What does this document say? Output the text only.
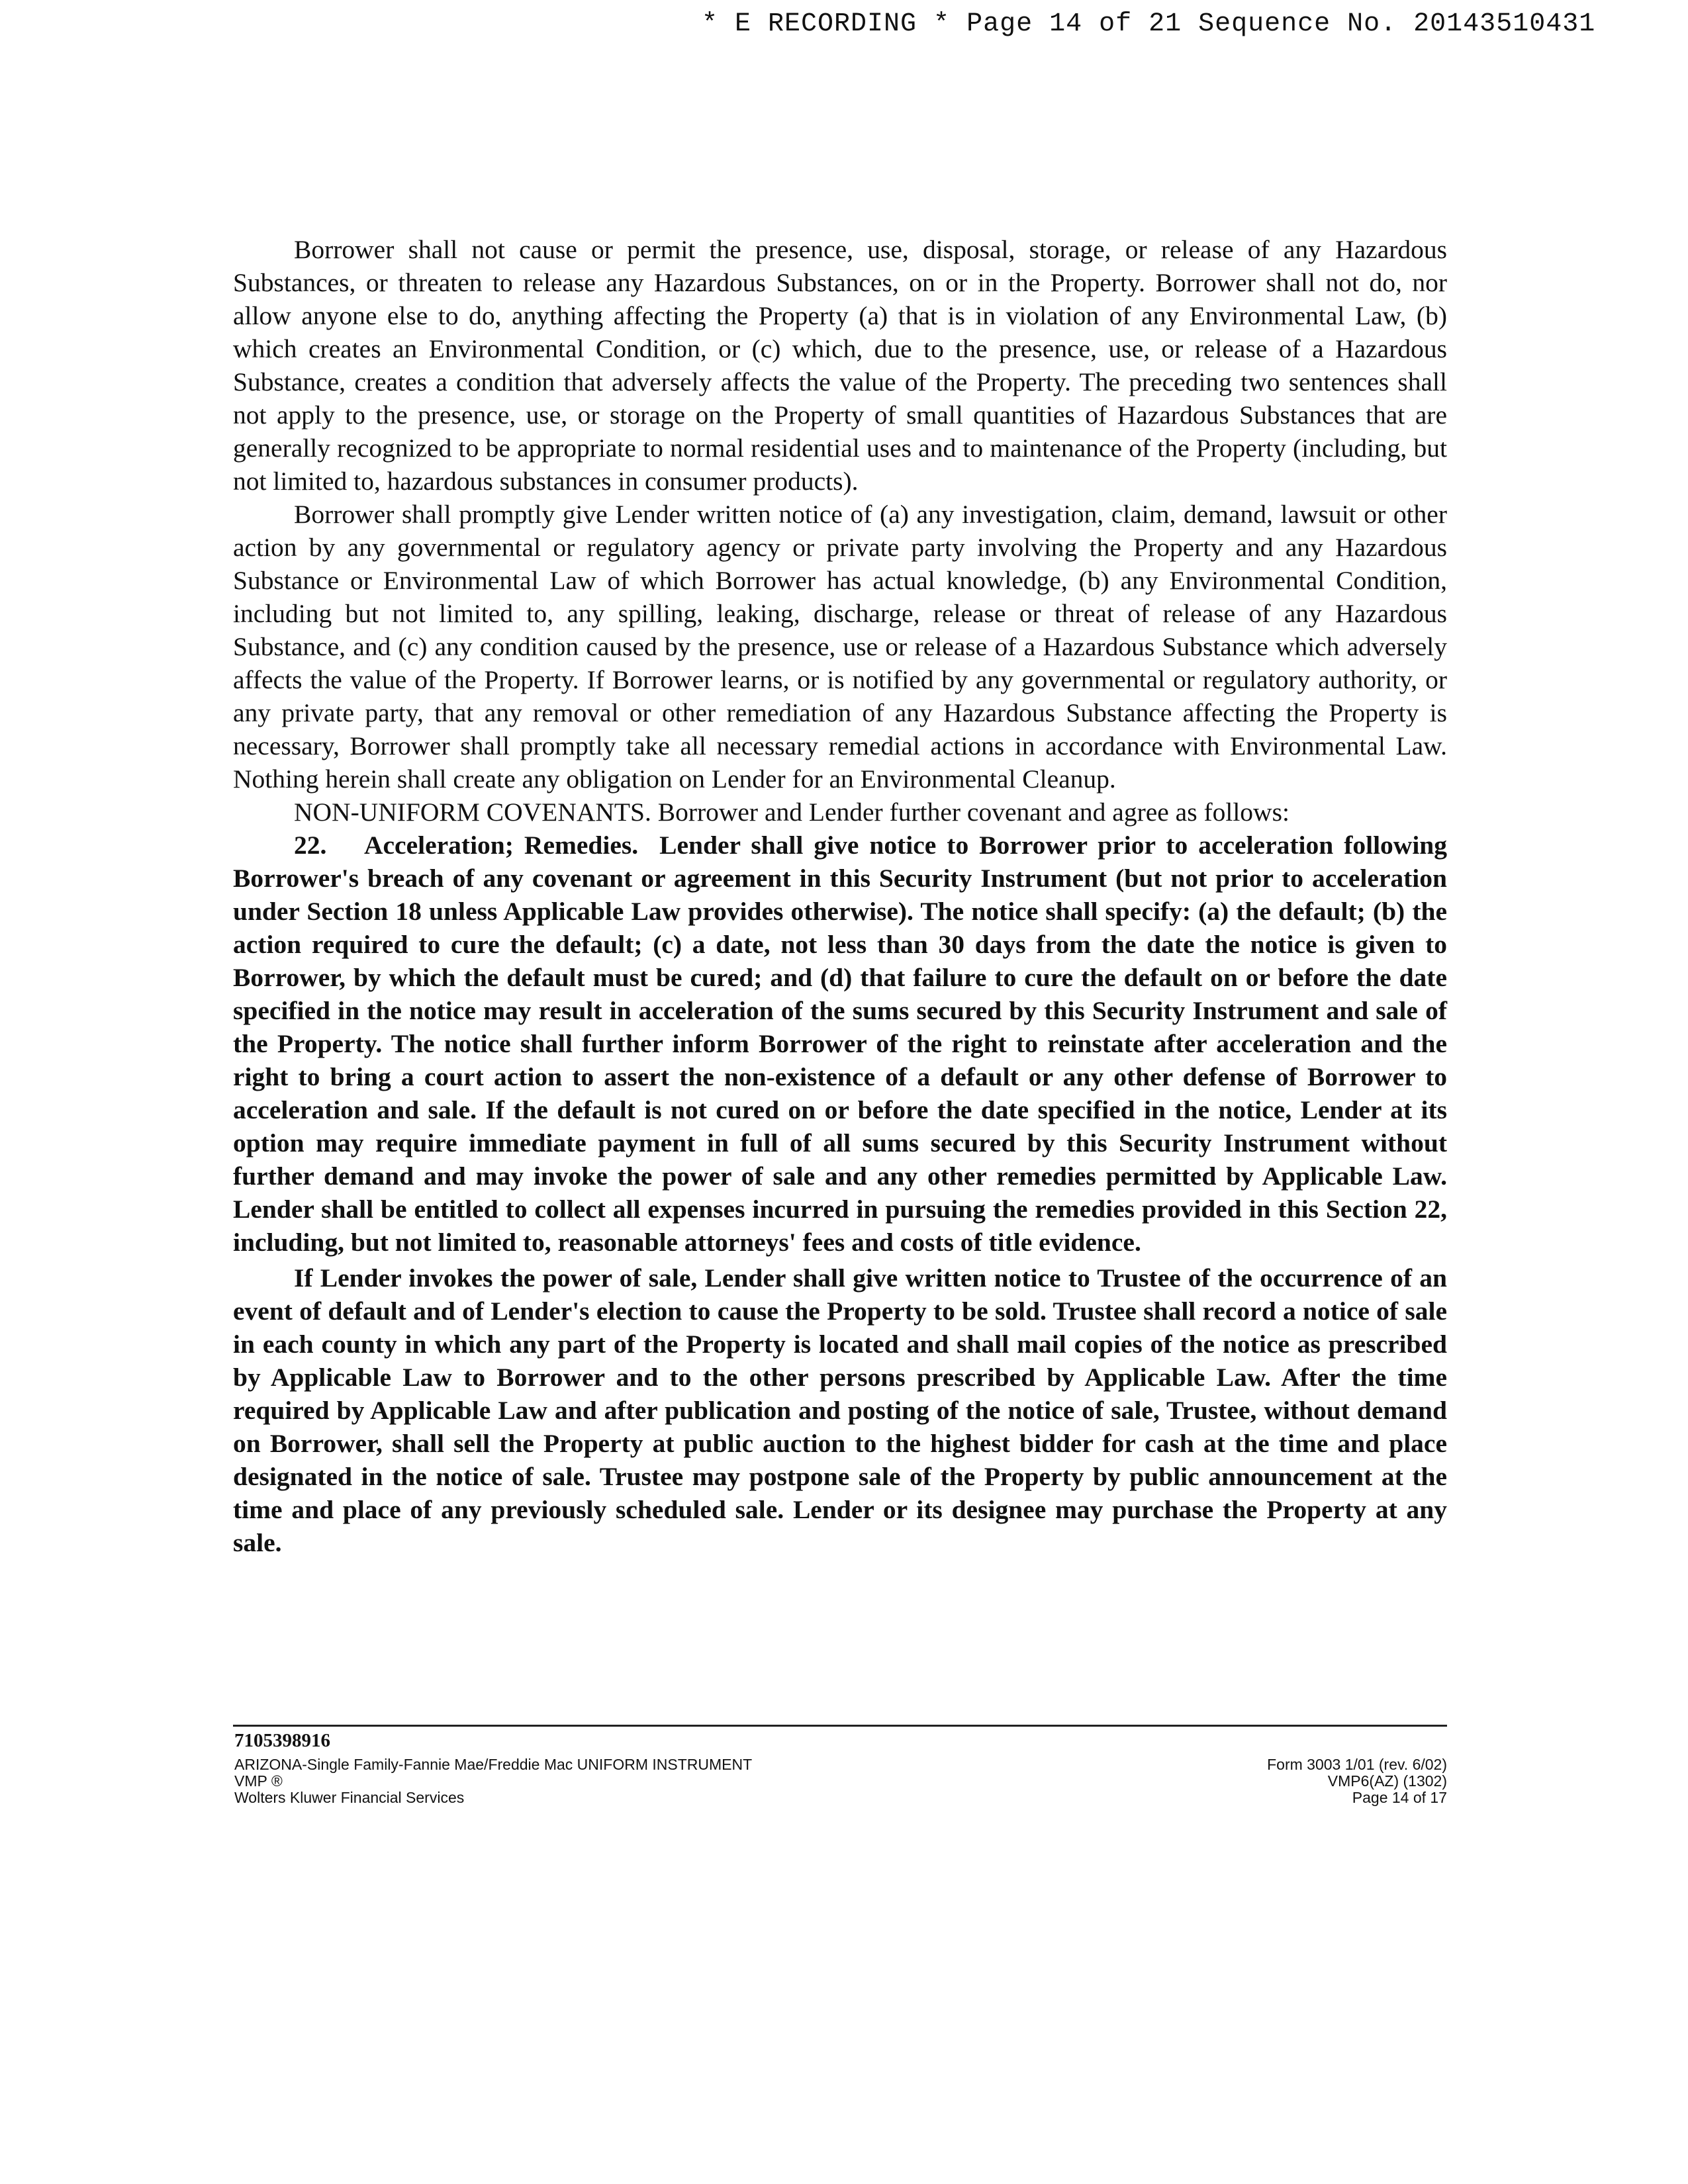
* E RECORDING * Page 14 of 21 Sequence No. 20143510431

Borrower shall not cause or permit the presence, use, disposal, storage, or release of any Hazardous Substances, or threaten to release any Hazardous Substances, on or in the Property. Borrower shall not do, nor allow anyone else to do, anything affecting the Property (a) that is in violation of any Environmental Law, (b) which creates an Environmental Condition, or (c) which, due to the presence, use, or release of a Hazardous Substance, creates a condition that adversely affects the value of the Property. The preceding two sentences shall not apply to the presence, use, or storage on the Property of small quantities of Hazardous Substances that are generally recognized to be appropriate to normal residential uses and to maintenance of the Property (including, but not limited to, hazardous substances in consumer products).

Borrower shall promptly give Lender written notice of (a) any investigation, claim, demand, lawsuit or other action by any governmental or regulatory agency or private party involving the Property and any Hazardous Substance or Environmental Law of which Borrower has actual knowledge, (b) any Environmental Condition, including but not limited to, any spilling, leaking, discharge, release or threat of release of any Hazardous Substance, and (c) any condition caused by the presence, use or release of a Hazardous Substance which adversely affects the value of the Property. If Borrower learns, or is notified by any governmental or regulatory authority, or any private party, that any removal or other remediation of any Hazardous Substance affecting the Property is necessary, Borrower shall promptly take all necessary remedial actions in accordance with Environmental Law. Nothing herein shall create any obligation on Lender for an Environmental Cleanup.

NON-UNIFORM COVENANTS. Borrower and Lender further covenant and agree as follows:

22. Acceleration; Remedies. Lender shall give notice to Borrower prior to acceleration following Borrower's breach of any covenant or agreement in this Security Instrument (but not prior to acceleration under Section 18 unless Applicable Law provides otherwise). The notice shall specify: (a) the default; (b) the action required to cure the default; (c) a date, not less than 30 days from the date the notice is given to Borrower, by which the default must be cured; and (d) that failure to cure the default on or before the date specified in the notice may result in acceleration of the sums secured by this Security Instrument and sale of the Property. The notice shall further inform Borrower of the right to reinstate after acceleration and the right to bring a court action to assert the non-existence of a default or any other defense of Borrower to acceleration and sale. If the default is not cured on or before the date specified in the notice, Lender at its option may require immediate payment in full of all sums secured by this Security Instrument without further demand and may invoke the power of sale and any other remedies permitted by Applicable Law. Lender shall be entitled to collect all expenses incurred in pursuing the remedies provided in this Section 22, including, but not limited to, reasonable attorneys' fees and costs of title evidence.

If Lender invokes the power of sale, Lender shall give written notice to Trustee of the occurrence of an event of default and of Lender's election to cause the Property to be sold. Trustee shall record a notice of sale in each county in which any part of the Property is located and shall mail copies of the notice as prescribed by Applicable Law to Borrower and to the other persons prescribed by Applicable Law. After the time required by Applicable Law and after publication and posting of the notice of sale, Trustee, without demand on Borrower, shall sell the Property at public auction to the highest bidder for cash at the time and place designated in the notice of sale. Trustee may postpone sale of the Property by public announcement at the time and place of any previously scheduled sale. Lender or its designee may purchase the Property at any sale.

7105398916
ARIZONA-Single Family-Fannie Mae/Freddie Mac UNIFORM INSTRUMENT
VMP ®
Wolters Kluwer Financial Services
Form 3003 1/01 (rev. 6/02)
VMP6(AZ) (1302)
Page 14 of 17
